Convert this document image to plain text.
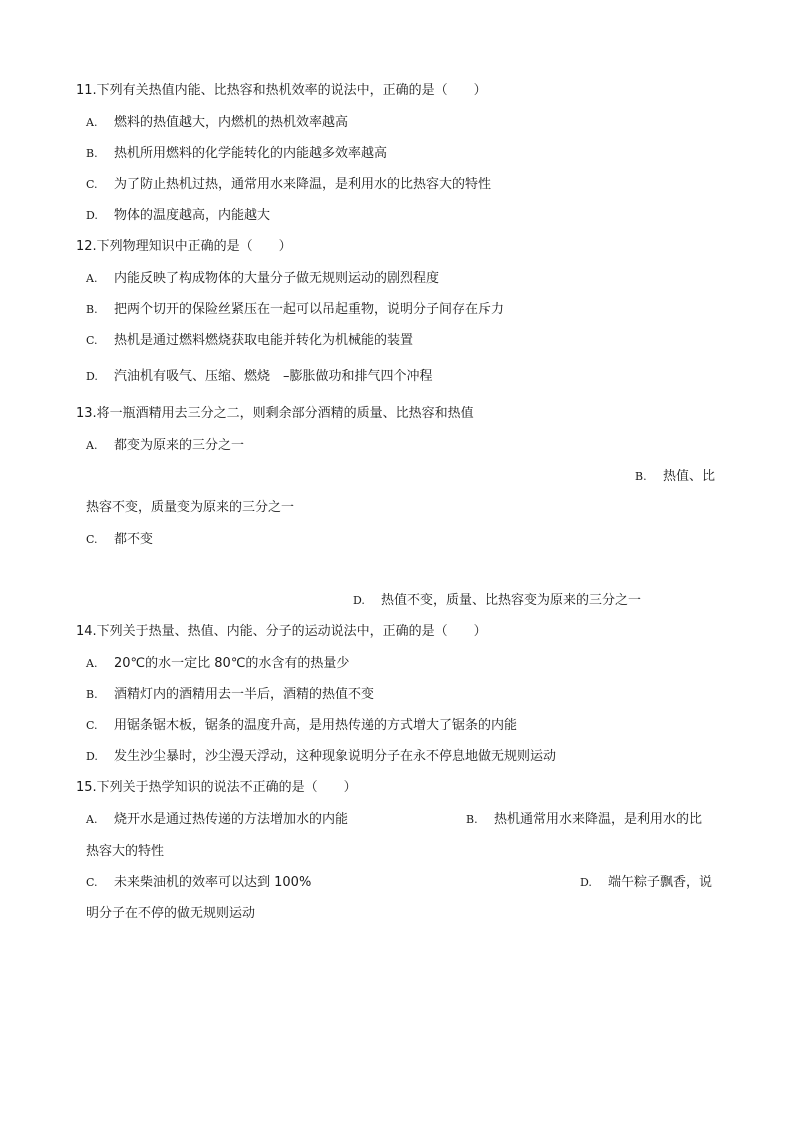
11.下列有关热值内能、比热容和热机效率的说法中，正确的是（　　）
A. 燃料的热值越大，内燃机的热机效率越高
B. 热机所用燃料的化学能转化的内能越多效率越高
C. 为了防止热机过热，通常用水来降温，是利用水的比热容大的特性
D. 物体的温度越高，内能越大
12.下列物理知识中正确的是（　　）
A. 内能反映了构成物体的大量分子做无规则运动的剧烈程度
B. 把两个切开的保险丝紧压在一起可以吊起重物，说明分子间存在斥力
C. 热机是通过燃料燃烧获取电能并转化为机械能的装置
D. 汽油机有吸气、压缩、燃烧　–膨胀做功和排气四个冲程
13.将一瓶酒精用去三分之二，则剩余部分酒精的质量、比热容和热值
A. 都变为原来的三分之一
B. 热值、比
热容不变，质量变为原来的三分之一
C. 都不变
D. 热值不变，质量、比热容变为原来的三分之一
14.下列关于热量、热值、内能、分子的运动说法中，正确的是（　　）
A. 20℃的水一定比 80℃的水含有的热量少
B. 酒精灯内的酒精用去一半后，酒精的热值不变
C. 用锯条锯木板，锯条的温度升高，是用热传递的方式增大了锯条的内能
D. 发生沙尘暴时，沙尘漫天浮动，这种现象说明分子在永不停息地做无规则运动
15.下列关于热学知识的说法不正确的是（　　）
A. 烧开水是通过热传递的方法增加水的内能	B. 热机通常用水来降温，是利用水的比
热容大的特性
C. 未来柴油机的效率可以达到 100%	D. 端午粽子飘香，说
明分子在不停的做无规则运动
